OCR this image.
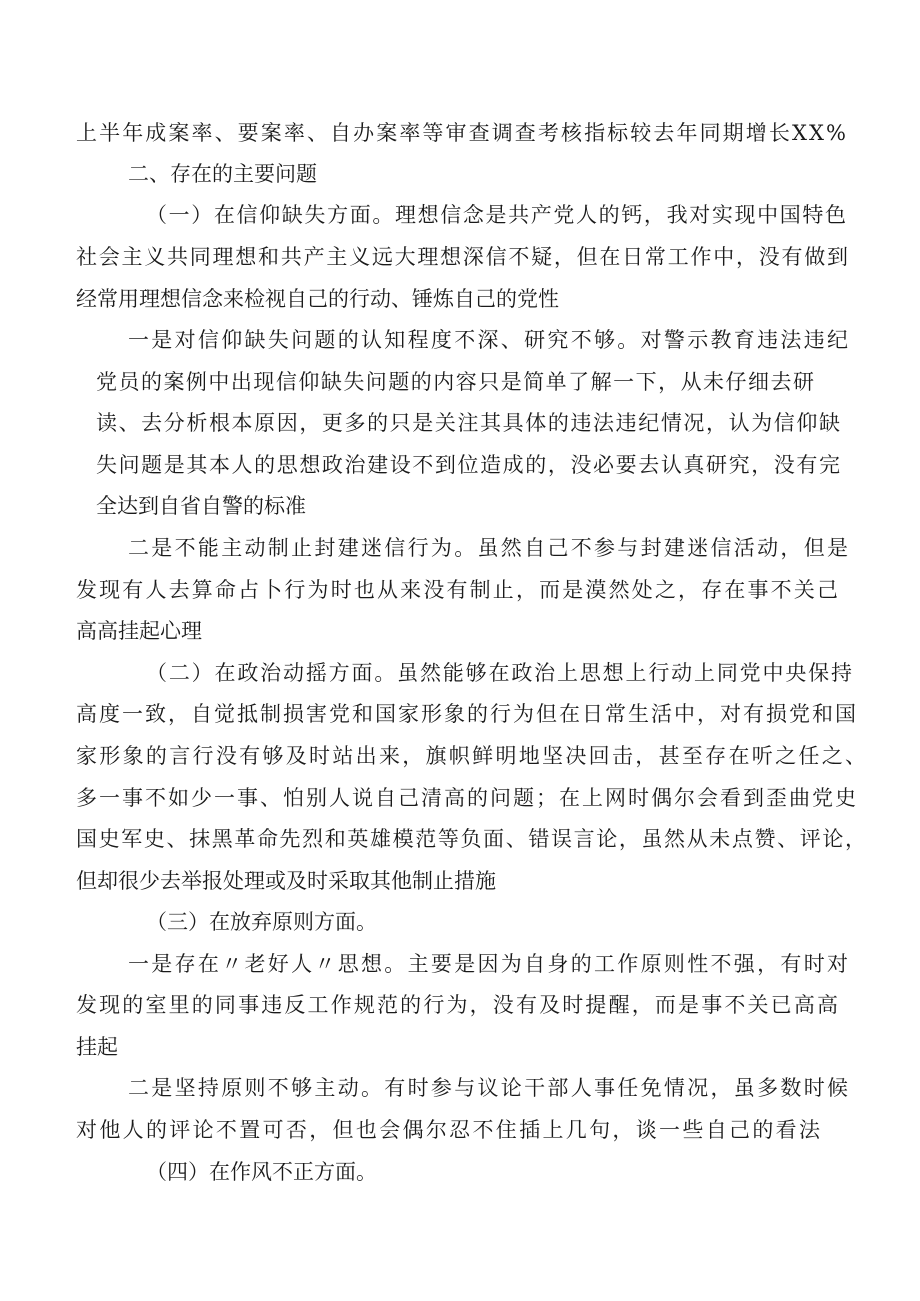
上半年成案率、要案率、自办案率等审查调查考核指标较去年同期增长XX%

二、存在的主要问题

（一）在信仰缺失方面。理想信念是共产党人的钙，我对实现中国特色

社会主义共同理想和共产主义远大理想深信不疑，但在日常工作中，没有做到

经常用理想信念来检视自己的行动、锤炼自己的党性

一是对信仰缺失问题的认知程度不深、研究不够。对警示教育违法违纪

党员的案例中出现信仰缺失问题的内容只是简单了解一下，从未仔细去研

读、去分析根本原因，更多的只是关注其具体的违法违纪情况，认为信仰缺

失问题是其本人的思想政治建设不到位造成的，没必要去认真研究，没有完

全达到自省自警的标准

二是不能主动制止封建迷信行为。虽然自己不参与封建迷信活动，但是

发现有人去算命占卜行为时也从来没有制止，而是漠然处之，存在事不关己

高高挂起心理

（二）在政治动摇方面。虽然能够在政治上思想上行动上同党中央保持

高度一致，自觉抵制损害党和国家形象的行为但在日常生活中，对有损党和国

家形象的言行没有够及时站出来，旗帜鲜明地坚决回击，甚至存在听之任之、

多一事不如少一事、怕别人说自己清高的问题；在上网时偶尔会看到歪曲党史

国史军史、抹黑革命先烈和英雄模范等负面、错误言论，虽然从未点赞、评论，

但却很少去举报处理或及时采取其他制止措施

（三）在放弃原则方面。

一是存在〃老好人〃思想。主要是因为自身的工作原则性不强，有时对

发现的室里的同事违反工作规范的行为，没有及时提醒，而是事不关已高高

挂起

二是坚持原则不够主动。有时参与议论干部人事任免情况，虽多数时候

对他人的评论不置可否，但也会偶尔忍不住插上几句，谈一些自己的看法

（四）在作风不正方面。
